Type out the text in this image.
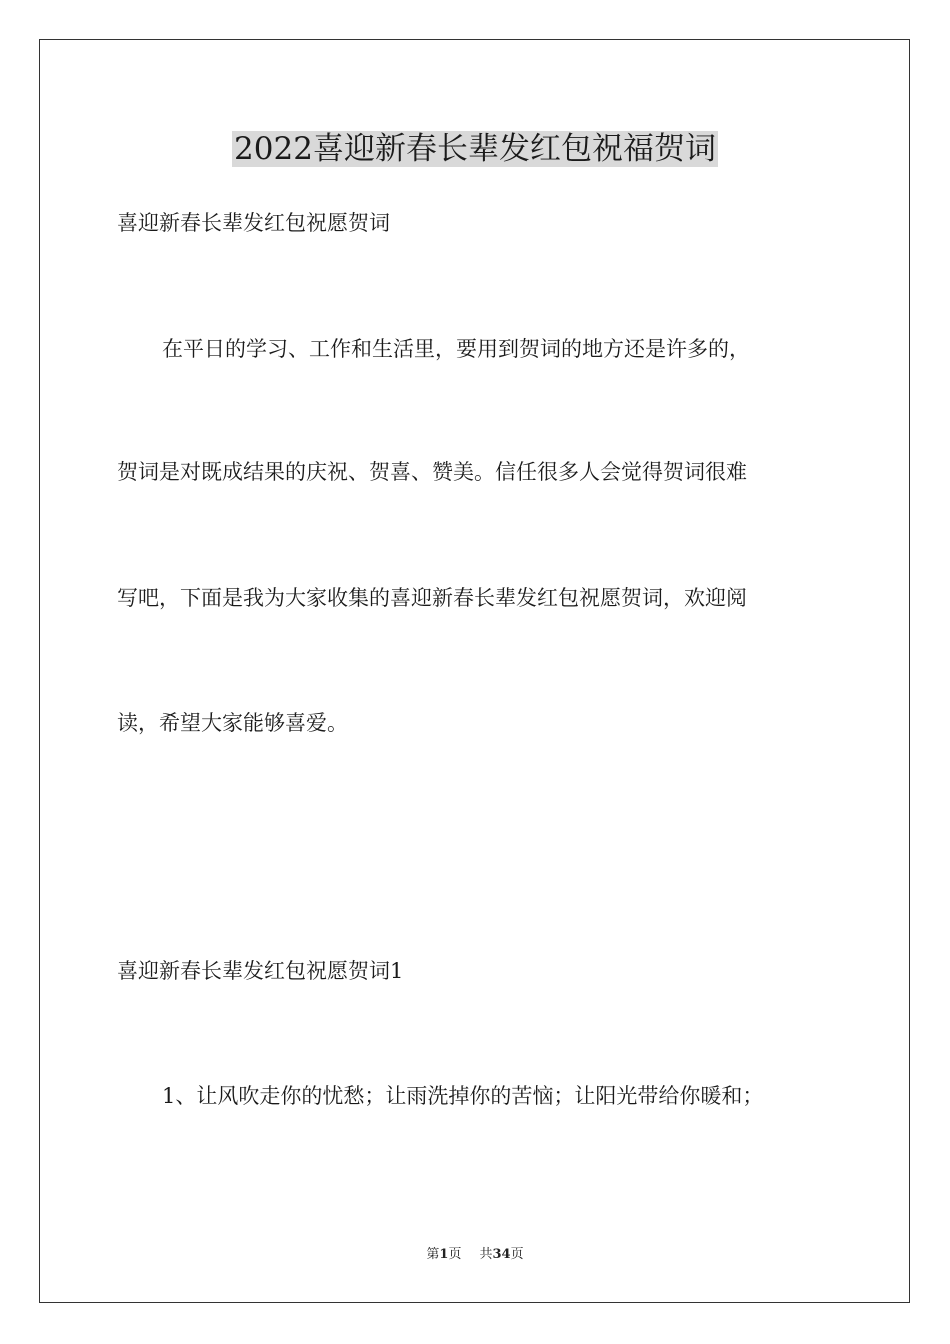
2022喜迎新春长辈发红包祝福贺词

喜迎新春长辈发红包祝愿贺词

在平日的学习、工作和生活里，要用到贺词的地方还是许多的，

贺词是对既成结果的庆祝、贺喜、赞美。信任很多人会觉得贺词很难

写吧，下面是我为大家收集的喜迎新春长辈发红包祝愿贺词，欢迎阅

读，希望大家能够喜爱。

喜迎新春长辈发红包祝愿贺词1

1、让风吹走你的忧愁；让雨洗掉你的苦恼；让阳光带给你暖和；

第1页 共34页
